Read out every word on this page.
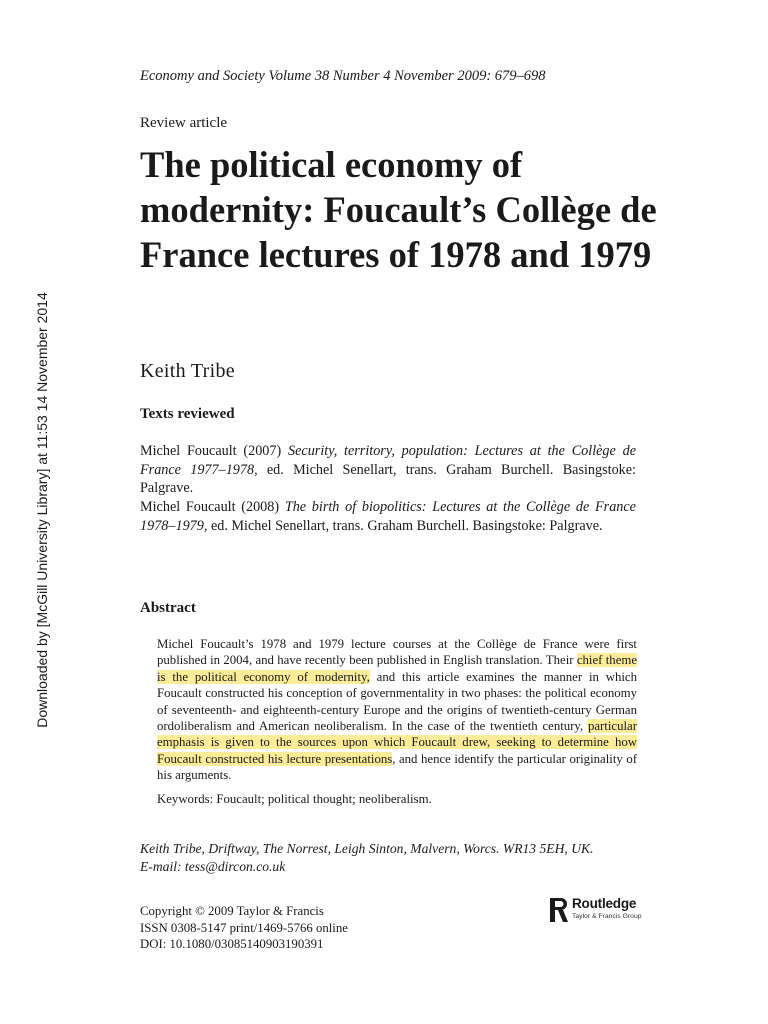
Economy and Society Volume 38 Number 4 November 2009: 679–698
Review article
The political economy of modernity: Foucault’s Collège de France lectures of 1978 and 1979
Keith Tribe
Texts reviewed
Michel Foucault (2007) Security, territory, population: Lectures at the Collège de France 1977–1978, ed. Michel Senellart, trans. Graham Burchell. Basingstoke: Palgrave.
Michel Foucault (2008) The birth of biopolitics: Lectures at the Collège de France 1978–1979, ed. Michel Senellart, trans. Graham Burchell. Basingstoke: Palgrave.
Abstract
Michel Foucault’s 1978 and 1979 lecture courses at the Collège de France were first published in 2004, and have recently been published in English translation. Their chief theme is the political economy of modernity, and this article examines the manner in which Foucault constructed his conception of governmentality in two phases: the political economy of seventeenth- and eighteenth-century Europe and the origins of twentieth-century German ordoliberalism and American neoliberalism. In the case of the twentieth century, particular emphasis is given to the sources upon which Foucault drew, seeking to determine how Foucault constructed his lecture presentations, and hence identify the particular originality of his arguments.
Keywords: Foucault; political thought; neoliberalism.
Keith Tribe, Driftway, The Norrest, Leigh Sinton, Malvern, Worcs. WR13 5EH, UK.
E-mail: tess@dircon.co.uk
Copyright © 2009 Taylor & Francis
ISSN 0308-5147 print/1469-5766 online
DOI: 10.1080/03085140903190391
Routledge
Taylor & Francis Group
Downloaded by [McGill University Library] at 11:53 14 November 2014
